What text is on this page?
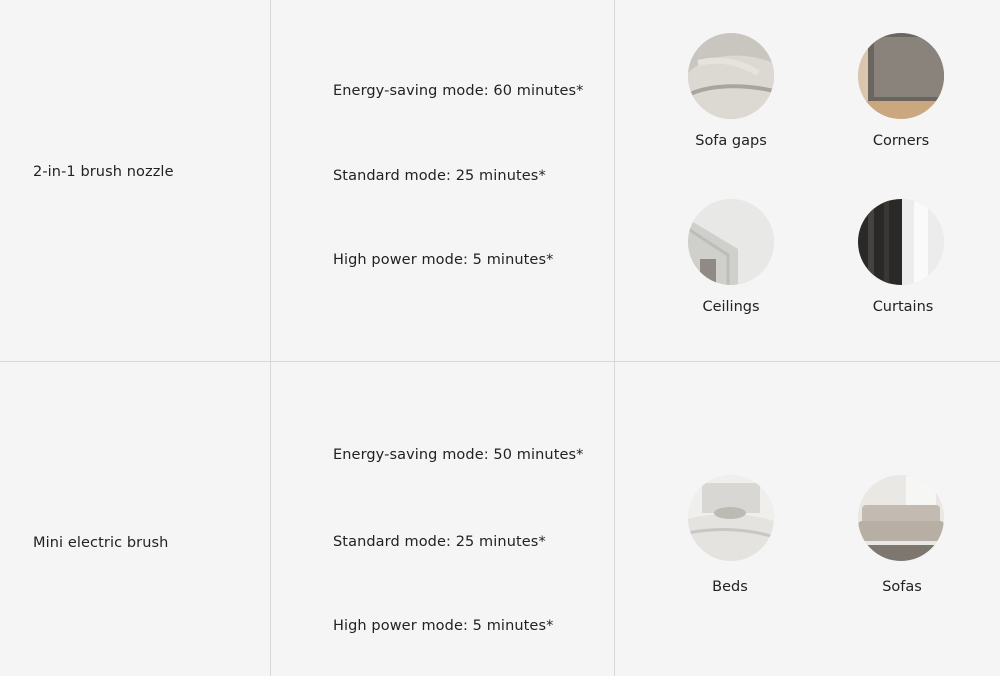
2-in-1 brush nozzle
Energy-saving mode: 60 minutes*
Standard mode: 25 minutes*
High power mode: 5 minutes*
Sofa gaps	Corners
Ceilings	Curtains
Mini electric brush
Energy-saving mode: 50 minutes*
Standard mode: 25 minutes*
High power mode: 5 minutes*
Beds	Sofas
